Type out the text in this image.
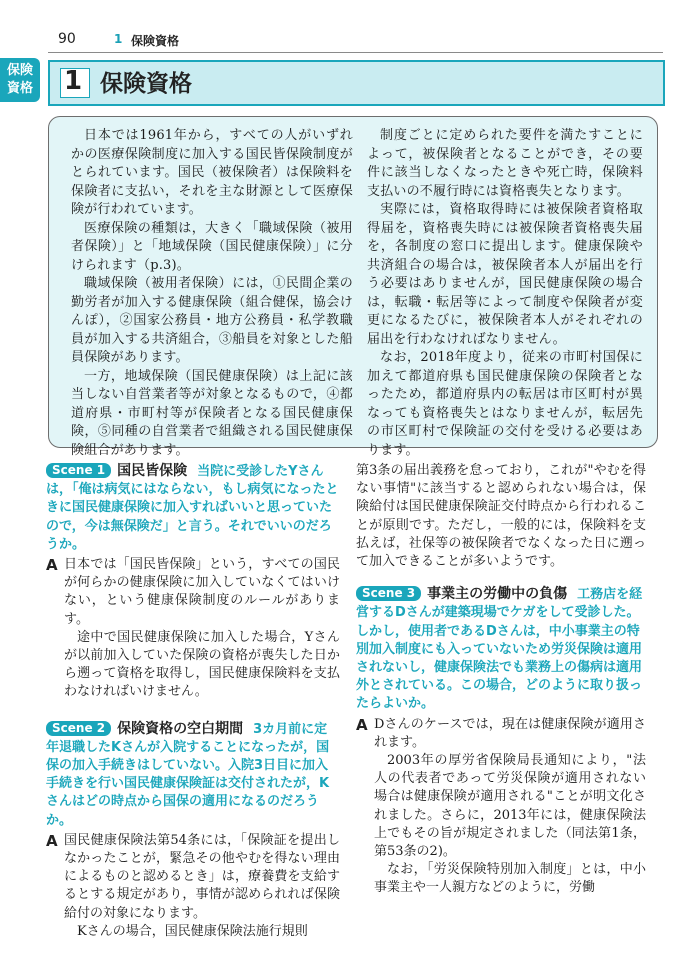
90	1 保険資格
保険
資格 1 保険資格

日本では1961年から，すべての人がいずれかの医療保険制度に加入する国民皆保険制度がとられています。国民（被保険者）は保険料を保険者に支払い，それを主な財源として医療保険が行われています。

医療保険の種類は，大きく「職域保険（被用者保険）」と「地域保険（国民健康保険）」に分けられます（p.3)。

職域保険（被用者保険）には，①民間企業の勤労者が加入する健康保険（組合健保，協会けんぽ），②国家公務員・地方公務員・私学教職員が加入する共済組合，③船員を対象とした船員保険があります。

一方，地域保険（国民健康保険）は上記に該当しない自営業者等が対象となるもので，④都道府県・市町村等が保険者となる国民健康保険，⑤同種の自営業者で組織される国民健康保険組合があります。

制度ごとに定められた要件を満たすことによって，被保険者となることができ，その要件に該当しなくなったときや死亡時，保険料支払いの不履行時には資格喪失となります。

実際には，資格取得時には被保険者資格取得届を，資格喪失時には被保険者資格喪失届を，各制度の窓口に提出します。健康保険や共済組合の場合は，被保険者本人が届出を行う必要はありませんが，国民健康保険の場合は，転職・転居等によって制度や保険者が変更になるたびに，被保険者本人がそれぞれの届出を行わなければなりません。

なお，2018年度より，従来の市町村国保に加えて都道府県も国民健康保険の保険者となったため，都道府県内の転居は市区町村が異なっても資格喪失とはなりませんが，転居先の市区町村で保険証の交付を受ける必要はあります。

Scene 1 国民皆保険 当院に受診したYさんは，「俺は病気にはならない，もし病気になったときに国民健康保険に加入すればいいと思っていたので，今は無保険だ」と言う。それでいいのだろうか。
A 日本では「国民皆保険」という，すべての国民が何らかの健康保険に加入していなくてはいけない，という健康保険制度のルールがあります。

途中で国民健康保険に加入した場合，Yさんが以前加入していた保険の資格が喪失した日から遡って資格を取得し，国民健康保険料を支払わなければいけません。

Scene 2 保険資格の空白期間 3カ月前に定年退職したKさんが入院することになったが，国保の加入手続きはしていない。入院3日目に加入手続きを行い国民健康保険証は交付されたが，Kさんはどの時点から国保の適用になるのだろうか。
A 国民健康保険法第54条には，「保険証を提出しなかったことが，緊急その他やむを得ない理由によるものと認めるとき」は，療養費を支給するとする規定があり，事情が認められれば保険給付の対象になります。

Kさんの場合，国民健康保険法施行規則

第3条の届出義務を怠っており，これが"やむを得ない事情"に該当すると認められない場合は，保険給付は国民健康保険証交付時点から行われることが原則です。ただし，一般的には，保険料を支払えば，社保等の被保険者でなくなった日に遡って加入できることが多いようです。

Scene 3 事業主の労働中の負傷 工務店を経営するDさんが建築現場でケガをして受診した。しかし，使用者であるDさんは，中小事業主の特別加入制度にも入っていないため労災保険は適用されないし，健康保険法でも業務上の傷病は適用外とされている。この場合，どのように取り扱ったらよいか。
A Dさんのケースでは，現在は健康保険が適用されます。

2003年の厚労省保険局長通知により，"法人の代表者であって労災保険が適用されない場合は健康保険が適用される"ことが明文化されました。さらに，2013年には，健康保険法上でもその旨が規定されました（同法第1条，第53条の2)。

なお，「労災保険特別加入制度」とは，中小事業主や一人親方などのように，労働
